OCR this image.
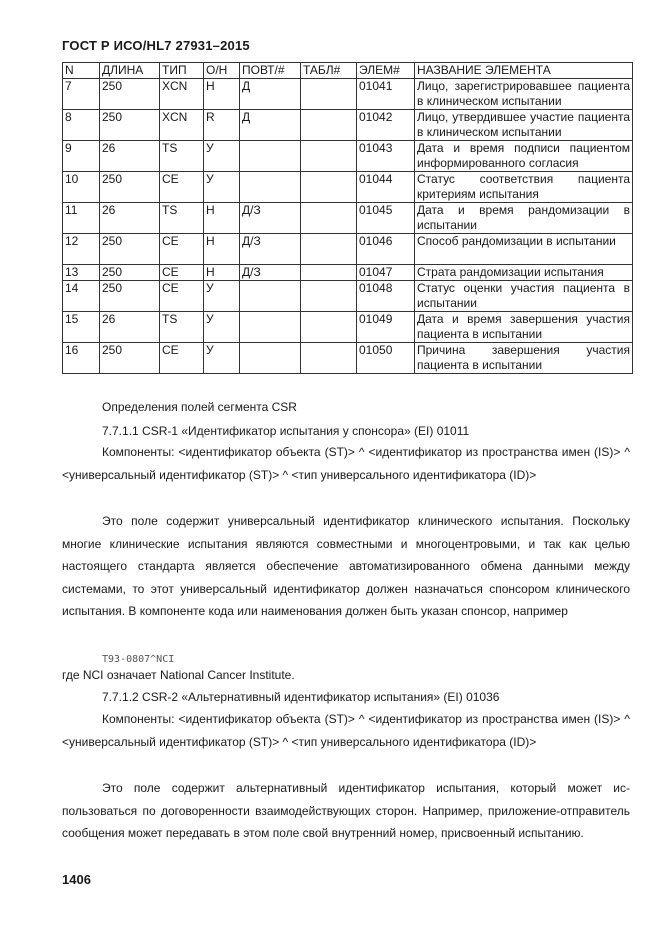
ГОСТ Р ИСО/HL7 27931–2015
N	ДЛИНА	ТИП	О/Н	ПОВТ/#	ТАБЛ#	ЭЛЕМ#	НАЗВАНИЕ ЭЛЕМЕНТА
7	250	XCN	Н	Д		01041	Лицо, зарегистрировавшее пациента в клиническом испытании
8	250	XCN	R	Д		01042	Лицо, утвердившее участие пациента в клиническом испытании
9	26	TS	У			01043	Дата и время подписи пациентом информированного согласия
10	250	CE	У			01044	Статус соответствия пациента критериям испытания
11	26	TS	Н	Д/З		01045	Дата и время рандомизации в испытании
12	250	CE	Н	Д/З		01046	Способ рандомизации в испытании
13	250	CE	Н	Д/З		01047	Страта рандомизации испытания
14	250	CE	У			01048	Статус оценки участия пациента в испытании
15	26	TS	У			01049	Дата и время завершения участия пациента в испытании
16	250	CE	У			01050	Причина завершения участия пациента в испытании
Определения полей сегмента CSR
7.7.1.1 CSR-1 «Идентификатор испытания у спонсора» (EI) 01011
Компоненты: <идентификатор объекта (ST)> ^ <идентификатор из пространства имен (IS)> ^ <универсальный идентификатор (ST)> ^ <тип универсального идентификатора (ID)>
Это поле содержит универсальный идентификатор клинического испытания. Поскольку многие клинические испытания являются совместными и многоцентровыми, и так как целью настоящего стандарта является обеспечение автоматизированного обмена данными между системами, то этот универсальный идентификатор должен назначаться спонсором клинического испытания. В компоненте кода или наименования должен быть указан спонсор, например
T93-0807^NCI
где NCI означает National Cancer Institute.
7.7.1.2 CSR-2 «Альтернативный идентификатор испытания» (EI) 01036
Компоненты: <идентификатор объекта (ST)> ^ <идентификатор из пространства имен (IS)> ^ <универсальный идентификатор (ST)> ^ <тип универсального идентификатора (ID)>
Это поле содержит альтернативный идентификатор испытания, который может использоваться по договоренности взаимодействующих сторон. Например, приложение-отправитель сообщения может передавать в этом поле свой внутренний номер, присвоенный испытанию.
1406
